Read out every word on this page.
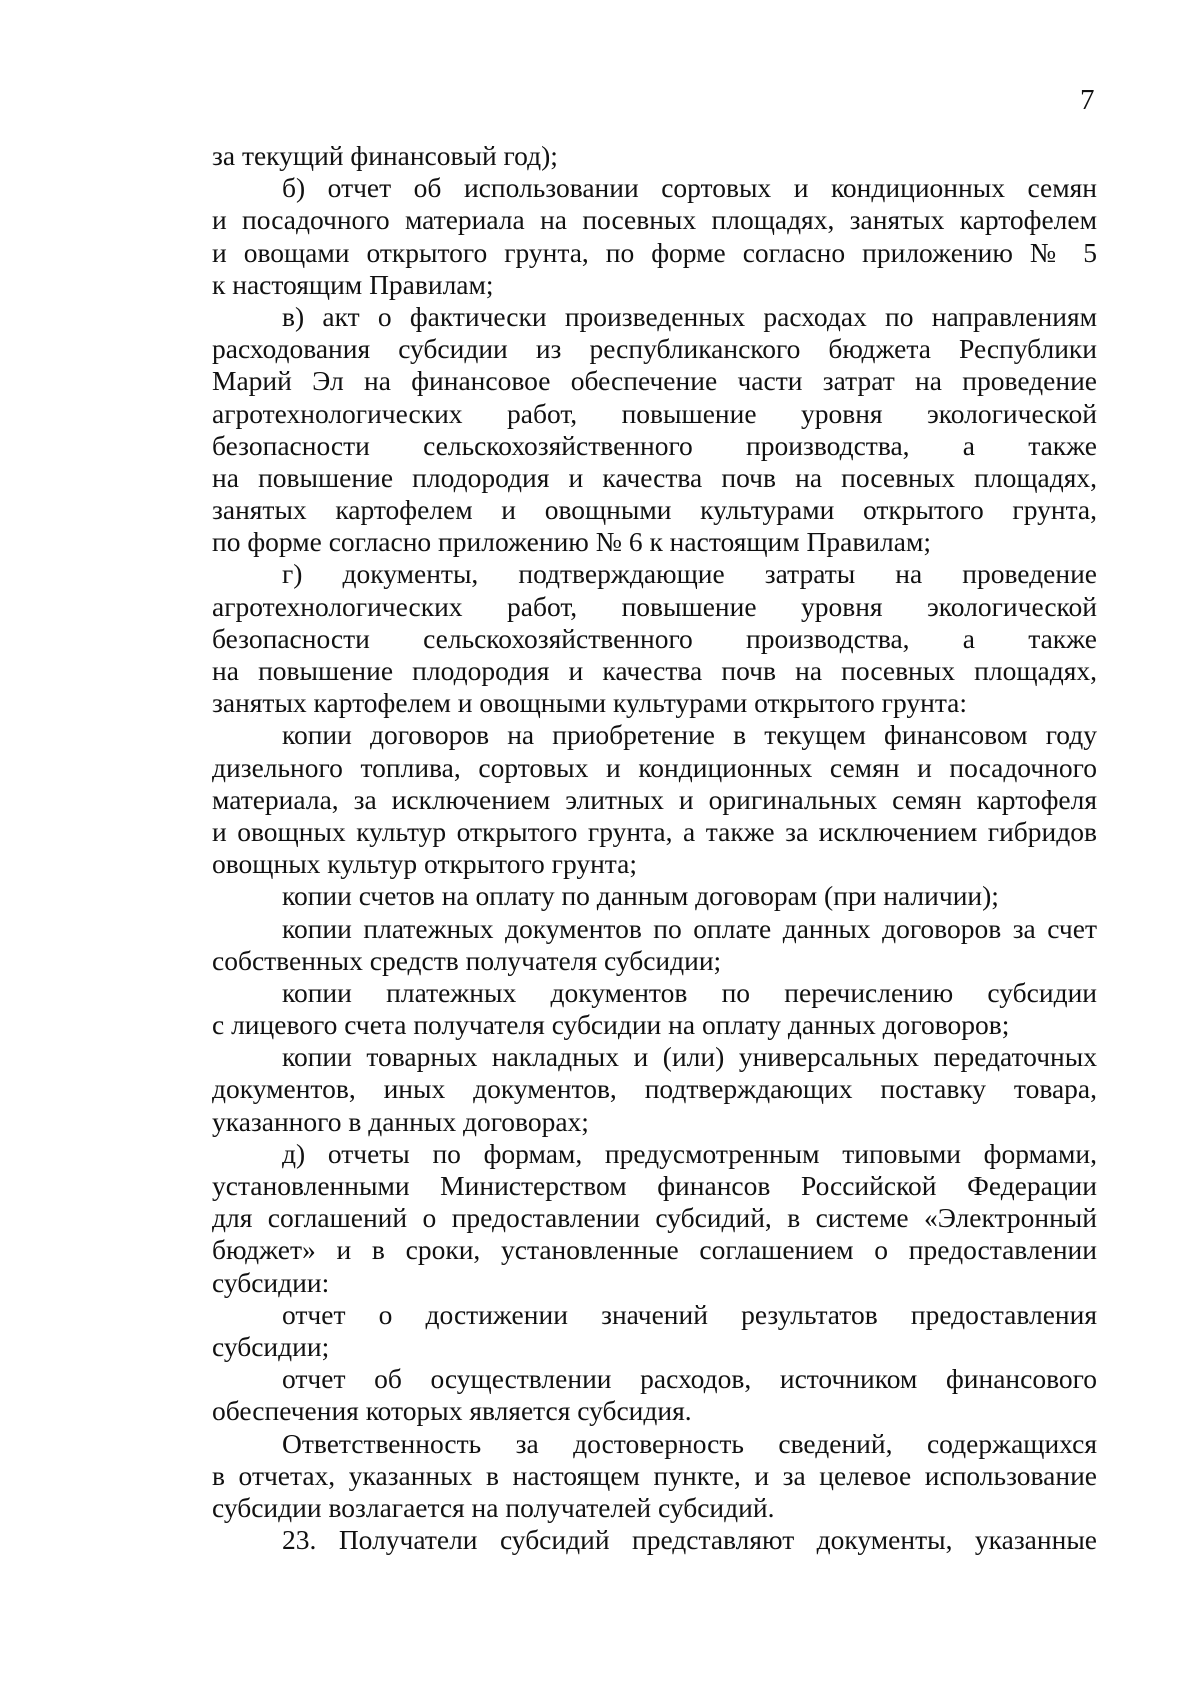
7
за текущий финансовый год);
б) отчет об использовании сортовых и кондиционных семян
и посадочного материала на посевных площадях, занятых картофелем
и овощами открытого грунта, по форме согласно приложению № 5
к настоящим Правилам;
в) акт о фактически произведенных расходах по направлениям
расходования субсидии из республиканского бюджета Республики
Марий Эл на финансовое обеспечение части затрат на проведение
агротехнологических работ, повышение уровня экологической
безопасности сельскохозяйственного производства, а также
на повышение плодородия и качества почв на посевных площадях,
занятых картофелем и овощными культурами открытого грунта,
по форме согласно приложению № 6 к настоящим Правилам;
г) документы, подтверждающие затраты на проведение
агротехнологических работ, повышение уровня экологической
безопасности сельскохозяйственного производства, а также
на повышение плодородия и качества почв на посевных площадях,
занятых картофелем и овощными культурами открытого грунта:
копии договоров на приобретение в текущем финансовом году
дизельного топлива, сортовых и кондиционных семян и посадочного
материала, за исключением элитных и оригинальных семян картофеля
и овощных культур открытого грунта, а также за исключением гибридов
овощных культур открытого грунта;
копии счетов на оплату по данным договорам (при наличии);
копии платежных документов по оплате данных договоров за счет
собственных средств получателя субсидии;
копии платежных документов по перечислению субсидии
с лицевого счета получателя субсидии на оплату данных договоров;
копии товарных накладных и (или) универсальных передаточных
документов, иных документов, подтверждающих поставку товара,
указанного в данных договорах;
д) отчеты по формам, предусмотренным типовыми формами,
установленными Министерством финансов Российской Федерации
для соглашений о предоставлении субсидий, в системе «Электронный
бюджет» и в сроки, установленные соглашением о предоставлении
субсидии:
отчет о достижении значений результатов предоставления
субсидии;
отчет об осуществлении расходов, источником финансового
обеспечения которых является субсидия.
Ответственность за достоверность сведений, содержащихся
в отчетах, указанных в настоящем пункте, и за целевое использование
субсидии возлагается на получателей субсидий.
23. Получатели субсидий представляют документы, указанные
